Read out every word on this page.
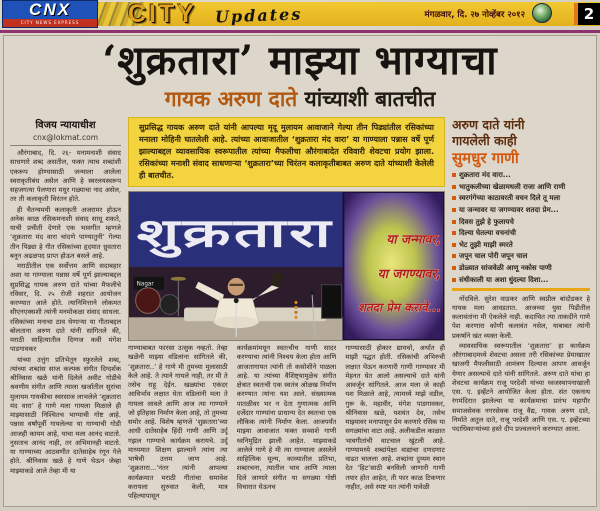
CNX
CITY NEWS EXPRESS	CITY Updates	मंगळवार, दि. २७ नोव्हेंबर २०१२	2
‘शुक्रतारा’ माझ्या भाग्याचा
गायक अरुण दाते यांच्याशी बातचीत
विजय न्यायाधीश
cnx@lokmat.com

औरंगाबाद, दि. २६- मनामनाशी संवाद साधणारे शब्द असतील, फक्त त्याच शब्दांशी एकरूप होण्यासाठी जन्माला आलेला स्वराकृतीबंध असेल आणि हे स्वरलयस्वरूप सहजगत्या पेलणारा मधुर गळ्याचा नाद असेल, तर ती कलाकृती चिरंतन होते.

ही चैतन्यमयी कलाकृती अजरामर होऊन अनेक काळ रसिकमनाशी संवाद साधू शकते, याची प्रचीती देणारे एक भावगीत म्हणजे ‘शुक्रतारा मंद वारा चांदणे पाण्यातुनी’ गेल्या तीन पिढ्या हे गीत रसिकांच्या हृदयात ध्रुवतारा बनून अढळपद प्राप्त होऊन बसले आहे.

मराठीतील एक सर्वोत्तम आणि सदाबहार अशा या गाण्याला पन्नास वर्षे पूर्ण झाल्याबद्दल सुप्रसिद्ध गायक अरुण दाते यांच्या मैफलीचे रविवार, दि. २५ रोजी शहरात आयोजन करण्यात आले होते. त्यानिमित्ताने लोकमत सीएनएक्सशी त्यांनी मनमोकळा संवाद साधला. रसिकांच्या मनाचा ठाव घेणाऱ्या या गीताबद्दल बोलताना अरुण दाते यांनी सांगितले की, मराठी साहित्यातील दिग्गज कवी मंगेश पाडगावकर

यांच्या उत्तुंग प्रतिभेतून स्फुरलेले शब्द, त्यांच्या शब्दांस साज कल्पक संगीत दिग्दर्शक श्रीनिवास खळे यांनी दिलेले अवीट गोडीचे श्रवणीय संगीत आणि त्याला खर्जातील सुरांचा मुलायम गायकीचा स्वरसाज लाभलेले ‘शुक्रतारा मंद वारा’ हे गाणे मला गायला मिळाले ही माझ्यासाठी निश्चितच भाग्याची गोष्ट आहे. पन्नास वर्षांपूर्वी गायलेल्या या गाण्याची गोडी आजही कायम आहे, याचा मला आनंद वाटतो. नुसताच आनंद नाही, तर अभिमानही वाटतो. या गाण्याच्या आठवणीत दातेसाहेब रंगून गेले होते. श्रीनिवास खळे हे गाणे घेऊन जेव्हा माझ्याकडे आले तेव्हा मी या

सुप्रसिद्ध गायक अरुण दाते यांनी आपल्या मृदू मुलायम आवाजाने गेल्या तीन पिढ्यांतील रसिकांच्या मनाला मोहिनी घातलेली आहे. त्यांच्या आवाजातील ‘शुक्रतारा मंद वारा’ या गाण्याला पन्नास वर्षे पूर्ण झाल्याबद्दल व्यावसायिक स्वरूपातील त्यांच्या मैफलीचा औरंगाबादेत रविवारी शेवटचा प्रयोग झाला. रसिकांच्या मनाशी संवाद साधणाऱ्या ‘शुक्रतारा’च्या चिरंतन कलाकृतीबाबत अरुण दाते यांच्याशी केलेली ही बातचीत.
शुक्रतारा
Nagar
या जन्मावर,
या जगण्यावर,
शतदा प्रेम करावे...
गाण्याबाबत फारसा उत्सुक नव्हतो. तेव्हा खळेंनी माझ्या वडिलांना सांगितले की, ‘शुक्रतारा..’ हे गाणे मी तुमच्या मुलासाठी केले आहे. ते त्याने गायले नाही, तर मी ते तसेच राहू देईन. खळ्यांचा एकंदर आविर्भाव लक्षात घेता वडिलांनी मला ते गायला लावले आणि आज त्या गाण्याने जो इतिहास निर्माण केला आहे, तो तुमच्या समोर आहे. विशेष म्हणजे ‘शुक्रतारा’च्या आधी दातेसाहेब हिंदी गाणी आणि उर्दू गझल गाण्याचे कार्यक्रम करायचे. उर्दू माध्यमात शिक्षण झाल्याने त्यांना त्या भाषेची उत्तम जाण आहे. ‘शुक्रतारा...’नंतर त्यांनी आपल्या कार्यक्रमात मराठी गीतांचा समावेश करायला सुरुवात केली, मात्र पहिल्यापासून
कार्यक्रमांमधून स्वतःचीच गाणी सादर करण्याचा त्यांनी निश्चय केला होता आणि आजतागायत त्यांनी तो कसोशीने पाळला आहे. या त्यांच्या वैशिष्ट्यामुळेच संगीत क्षेत्रात स्वतःची एक स्वतंत्र ओळख निर्माण करण्यात त्यांना यश आले. संख्यात्मक पातळीवर भर न देता गुणात्मक आणि दर्जेदार गाण्यांना प्राधान्य देत स्वतःचा एक लौकिक त्यांनी निर्माण केला. आजपर्यंत माझ्या आवाजात फक्त सव्वाशे गाणी ध्वनिमुद्रित झाली आहेत. माझ्याकडे आलेले गाणे हे मी त्या गाण्याला असलेले साहित्यिक मूल्य, काव्यातील प्रतिभा, शब्दरचना, त्यातील भाव आणि त्याला दिले जाणारे संगीत या सगळ्या गोष्टी विचारात घेऊनच
गाण्यासाठी होकार द्यायचो, अर्थात ही माझी पद्धत होती. रसिकांची अभिरुची लक्षात घेऊन करणारी गाणी गाण्यावर मी मेहनत घेत आलो असल्याचे दाते यांनी आवर्जून सांगितले. आज मला जे काही यश मिळाले आहे, त्यामध्ये माझे वडील, गुरू के. महावीर, मंगेश पाडगावकर, श्रीनिवास खळे, यशवंत देव, तसेच माझ्यावर मनापासून प्रेम करणारे रसिक या सगळ्यांचा वाटा आहे. अलीकडील काळात भावगीतांची वाटचाल खुंटली आहे. गाण्यामध्ये शब्दांपेक्षा वाद्यांचा दणदणाट वाढत चालला आहे. शब्दांना दुय्यम स्थान देत ‘हिट’साठी बनविली जाणारी गाणी तयार होत आहेत, ती फार काळ टिकणार नाहीत, असे स्पष्ट मत त्यांनी यावेळी
अरुण दाते यांनी
गायलेली काही
सुमधुर गाणी
शुक्रतारा मंद वारा...
भातुकलीच्या खेळामधली राजा आणि राणी
स्वरगंगेच्या काठावरती वचन दिले तू मला
या जन्मावर या जगण्यावर शतदा प्रेम...
दिवस तुझे हे फुलायचे
दिल्या घेतल्या वचनांची
भेट तुझी माझी स्मरते
जपून चाल पोरी जपून चाल
डोळ्यात सांजवेळी आणू नकोस पाणी
संधीकाली या अशा धुंदल्या दिशा...

नोंदविले. सुरेश वाडकर आणि स्वप्नील बांदोडकर हे गायक मला आवडतात. आजच्या युवा पिढीतील कलावंतांना मी ऐकलेले नाही. कदाचित त्या ताकदीने गाणे पेश करणारा कोणी कलावंत नसेल, याबाबत त्यांनी प्रकर्षाने खंत व्यक्त केली.

व्यावसायिक स्वरूपातील ‘शुक्रतारा’ हा कार्यक्रम औरंगाबादमध्ये शेवटचा असला तरी रसिकांच्या प्रेमाखातर खाजगी मैफलीसाठी आमंत्रण दिल्यास आपण आवर्जून येणार असल्याचे दाते यांनी सांगितले. अरुण दाते यांचा हा शेवटचा कार्यक्रम राजू परदेशी यांच्या ध्वजस्थापनाखाली एस. ए. इव्हेंटने आयोजित केला होता. संत एकनाथ रंगमंदिरात झालेल्या या कार्यक्रमाचा प्रारंभ महापौर समाजसेवक नगरसेवक राजू वैद्य, गायक अरुण दाते, निर्माते अतुल दाते, राजू परदेशी आणि एस. ए. इव्हेंटच्या पदाधिकाऱ्यांच्या हस्ते दीप प्रज्वलनाने करण्यात आला.
